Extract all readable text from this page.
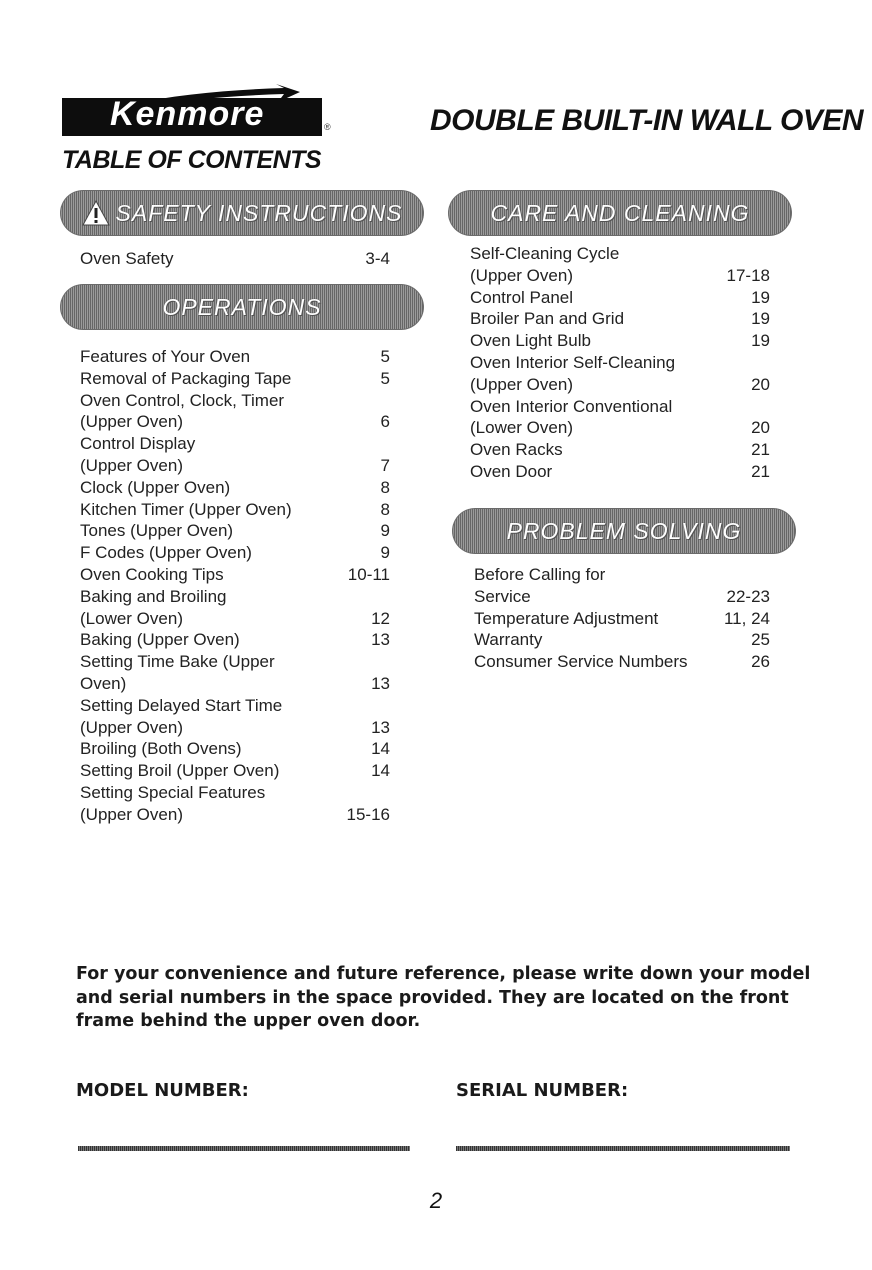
Kenmore	®	DOUBLE BUILT-IN WALL OVEN
TABLE OF CONTENTS
SAFETY INSTRUCTIONS
Oven Safety .....	3-4
OPERATIONS
Features of Your Oven .....	5
Removal of Packaging Tape .....	5
Oven Control, Clock, Timer
(Upper Oven) .....	6
Control Display
(Upper Oven) .....	7
Clock (Upper Oven) .....	8
Kitchen Timer (Upper Oven) .....	8
Tones (Upper Oven) .....	9
F Codes (Upper Oven) .....	9
Oven Cooking Tips .....	10-11
Baking and Broiling
(Lower Oven) .....	12
Baking (Upper Oven) .....	13
Setting Time Bake (Upper
Oven) .....	13
Setting Delayed Start Time
(Upper Oven) .....	13
Broiling (Both Ovens) .....	14
Setting Broil (Upper Oven) .....	14
Setting Special Features
(Upper Oven) .....	15-16
CARE AND CLEANING
Self-Cleaning Cycle
(Upper Oven) .....	17-18
Control Panel .....	19
Broiler Pan and Grid .....	19
Oven Light Bulb .....	19
Oven Interior Self-Cleaning
(Upper Oven) .....	20
Oven Interior Conventional
(Lower Oven) .....	20
Oven Racks .....	21
Oven Door .....	21
PROBLEM SOLVING
Before Calling for
Service .....	22-23
Temperature Adjustment .....	11, 24
Warranty .....	25
Consumer Service Numbers .....	26
For your convenience and future reference, please write down your model and serial numbers in the space provided. They are located on the front frame behind the upper oven door.
MODEL NUMBER:	SERIAL NUMBER:
2
